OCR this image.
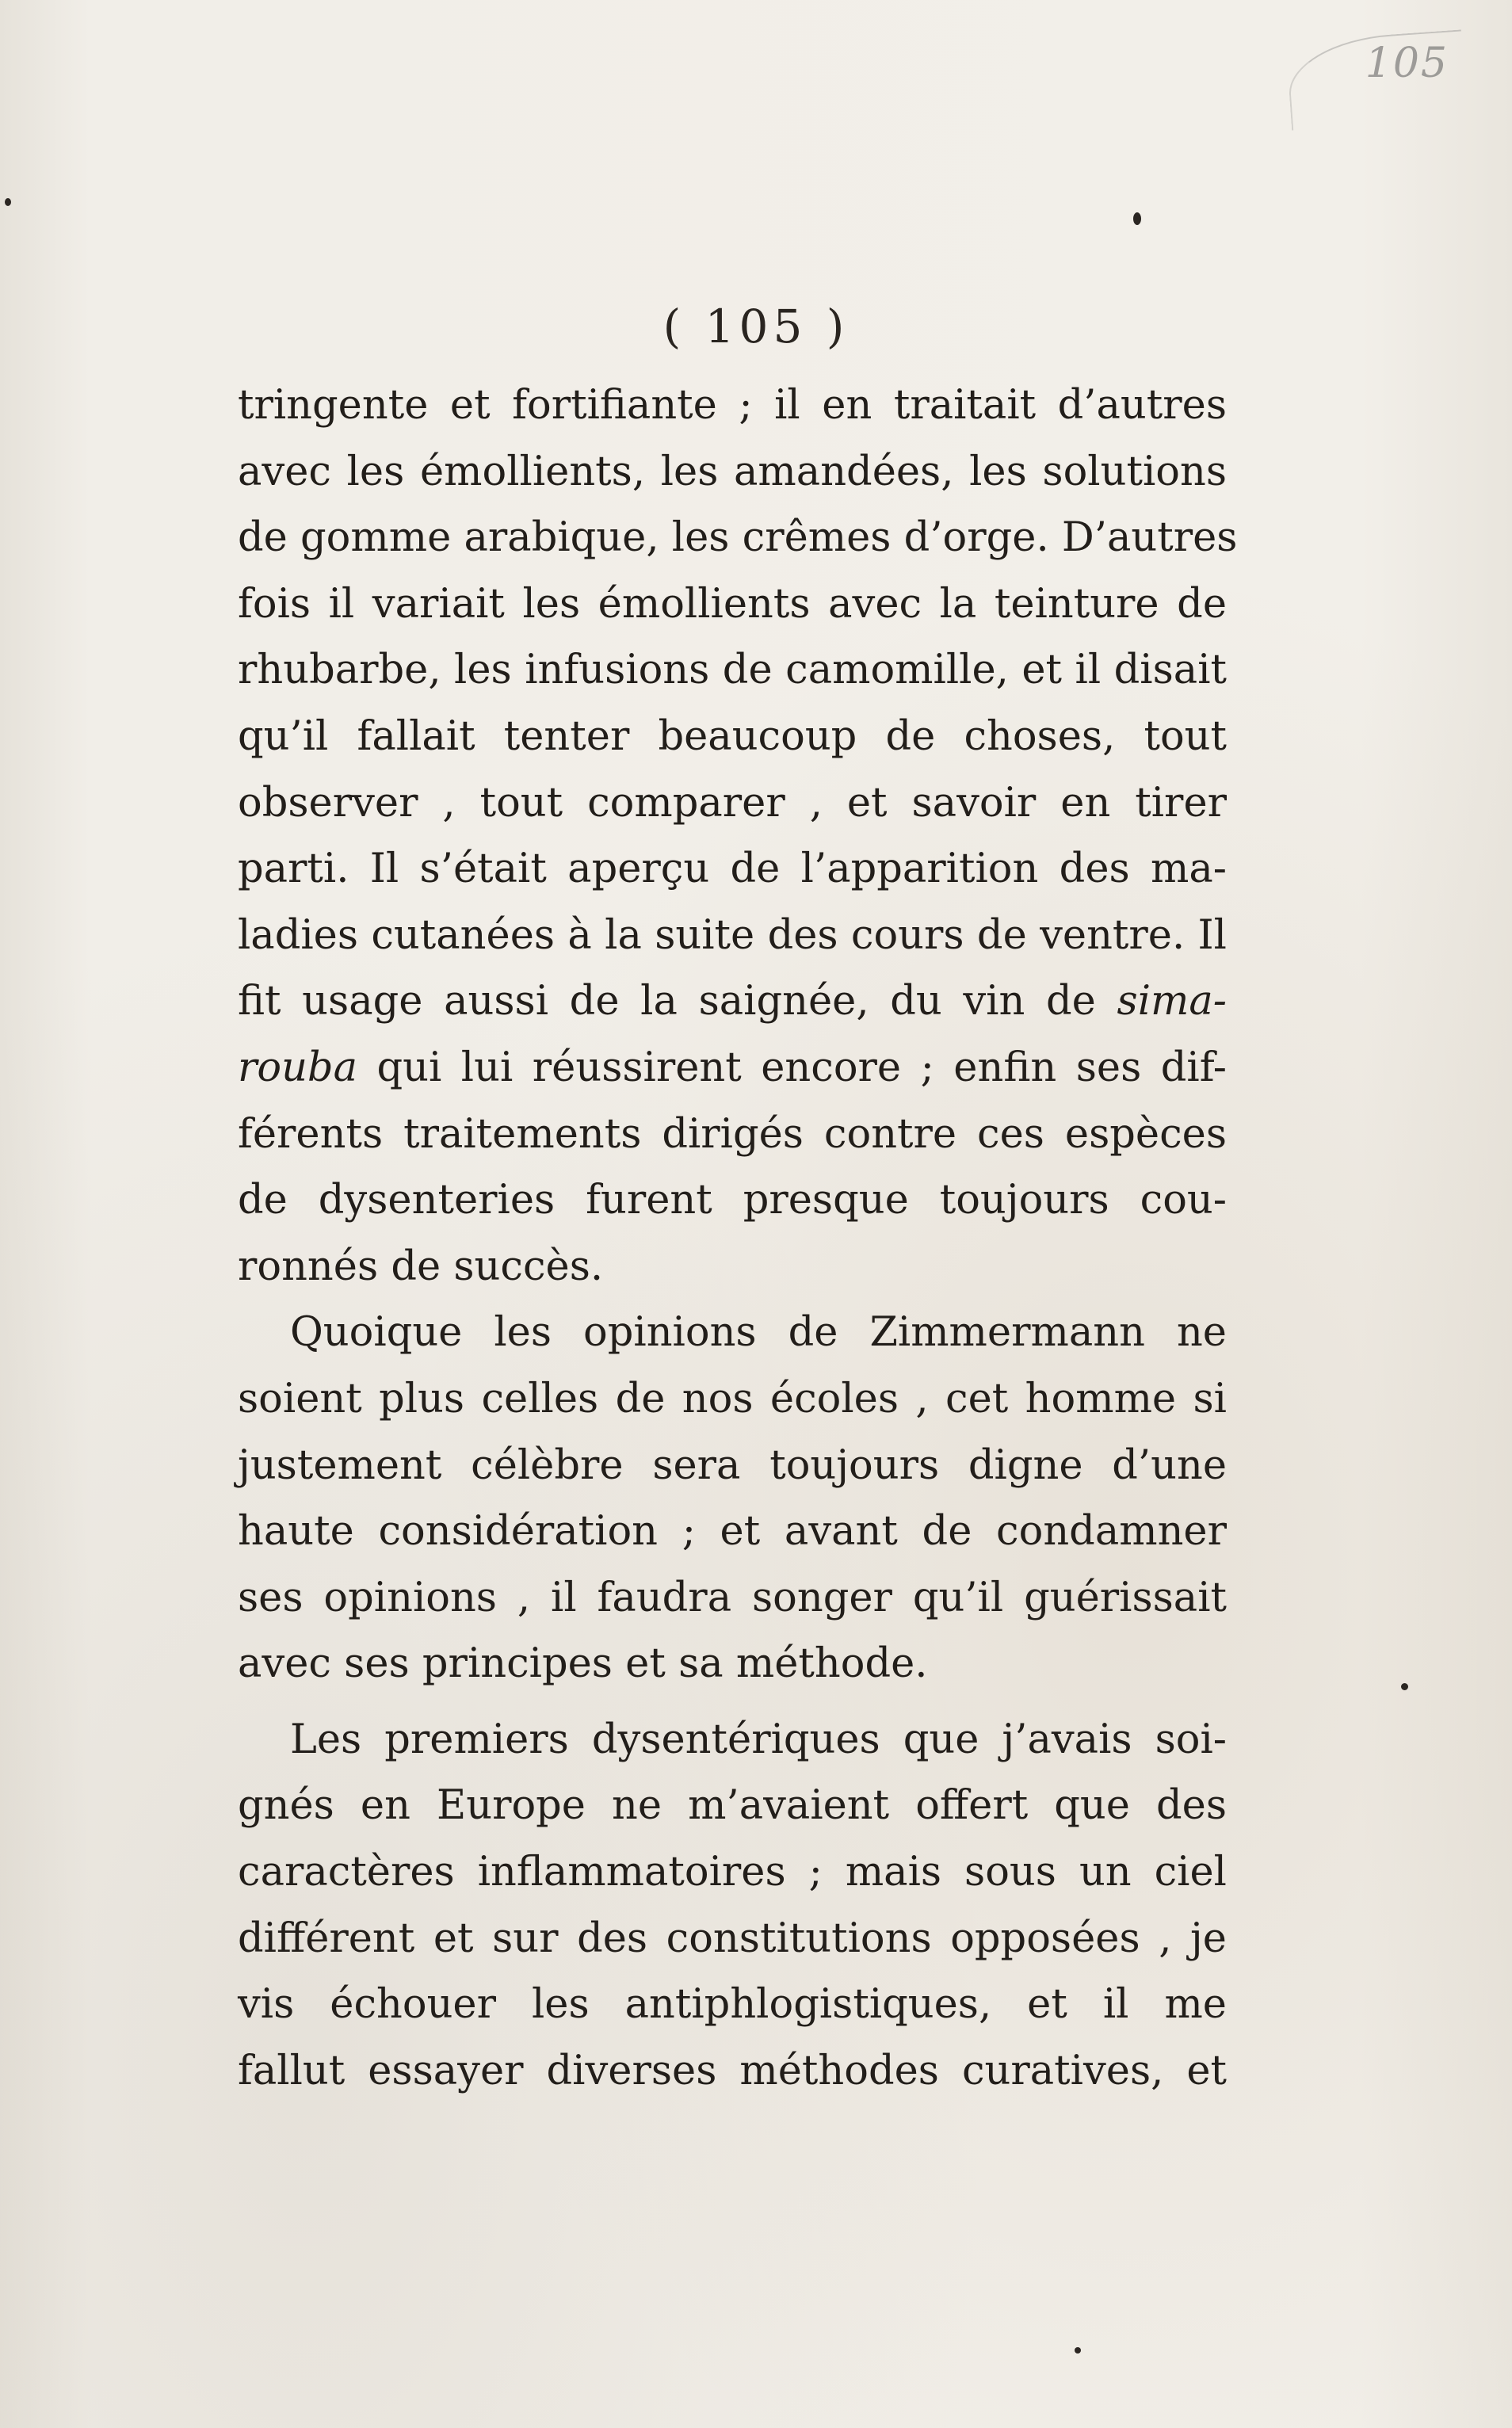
105
( 105 )
tringente et fortifiante ; il en traitait d’autres
avec les émollients, les amandées, les solutions
de gomme arabique, les crêmes d’orge. D’autres
fois il variait les émollients avec la teinture de
rhubarbe, les infusions de camomille, et il disait
qu’il fallait tenter beaucoup de choses, tout
observer , tout comparer , et savoir en tirer
parti. Il s’était aperçu de l’apparition des ma-
ladies cutanées à la suite des cours de ventre. Il
fit usage aussi de la saignée, du vin de sima-
rouba qui lui réussirent encore ; enfin ses dif-
férents traitements dirigés contre ces espèces
de dysenteries furent presque toujours cou-
ronnés de succès.
Quoique les opinions de Zimmermann ne
soient plus celles de nos écoles , cet homme si
justement célèbre sera toujours digne d’une
haute considération ; et avant de condamner
ses opinions , il faudra songer qu’il guérissait
avec ses principes et sa méthode.
Les premiers dysentériques que j’avais soi-
gnés en Europe ne m’avaient offert que des
caractères inflammatoires ; mais sous un ciel
différent et sur des constitutions opposées , je
vis échouer les antiphlogistiques, et il me
fallut essayer diverses méthodes curatives, et
